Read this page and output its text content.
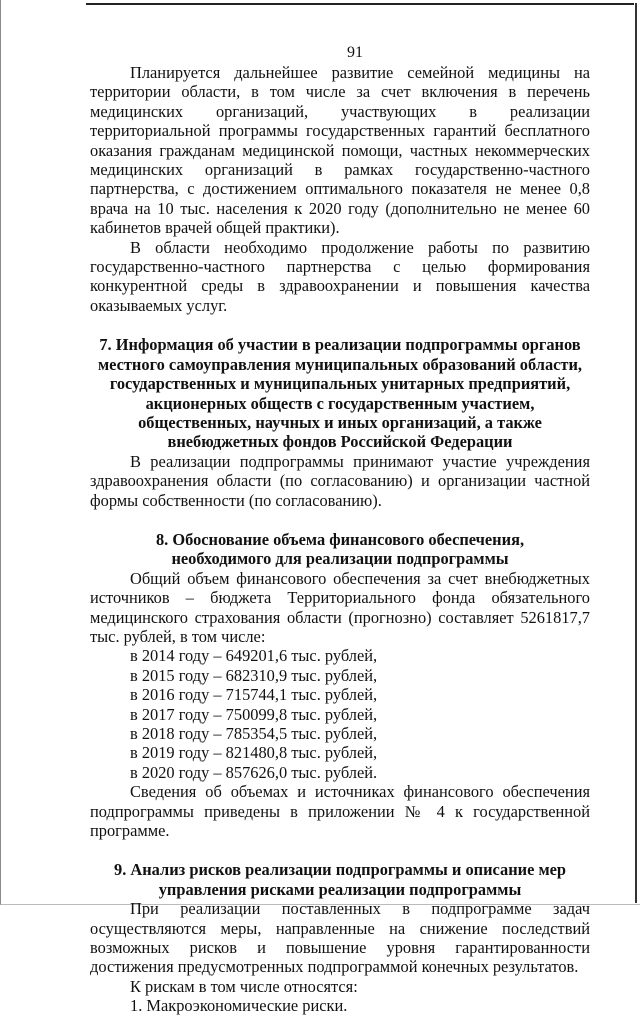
91

Планируется дальнейшее развитие семейной медицины на территории области, в том числе за счет включения в перечень медицинских организаций, участвующих в реализации территориальной программы государственных гарантий бесплатного оказания гражданам медицинской помощи, частных некоммерческих медицинских организаций в рамках государственно-частного партнерства, с достижением оптимального показателя не менее 0,8 врача на 10 тыс. населения к 2020 году (дополнительно не менее 60 кабинетов врачей общей практики).

В области необходимо продолжение работы по развитию государственно-частного партнерства с целью формирования конкурентной среды в здравоохранении и повышения качества оказываемых услуг.

7. Информация об участии в реализации подпрограммы органов местного самоуправления муниципальных образований области, государственных и муниципальных унитарных предприятий, акционерных обществ с государственным участием, общественных, научных и иных организаций, а также внебюджетных фондов Российской Федерации

В реализации подпрограммы принимают участие учреждения здравоохранения области (по согласованию) и организации частной формы собственности (по согласованию).

8. Обоснование объема финансового обеспечения, необходимого для реализации подпрограммы

Общий объем финансового обеспечения за счет внебюджетных источников – бюджета Территориального фонда обязательного медицинского страхования области (прогнозно) составляет 5261817,7 тыс. рублей, в том числе:

в 2014 году – 649201,6 тыс. рублей,
в 2015 году – 682310,9 тыс. рублей,
в 2016 году – 715744,1 тыс. рублей,
в 2017 году – 750099,8 тыс. рублей,
в 2018 году – 785354,5 тыс. рублей,
в 2019 году – 821480,8 тыс. рублей,
в 2020 году – 857626,0 тыс. рублей.

Сведения об объемах и источниках финансового обеспечения подпрограммы приведены в приложении № 4 к государственной программе.

9. Анализ рисков реализации подпрограммы и описание мер управления рисками реализации подпрограммы

При реализации поставленных в подпрограмме задач осуществляются меры, направленные на снижение последствий возможных рисков и повышение уровня гарантированности достижения предусмотренных подпрограммой конечных результатов.

К рискам в том числе относятся:
1. Макроэкономические риски.
